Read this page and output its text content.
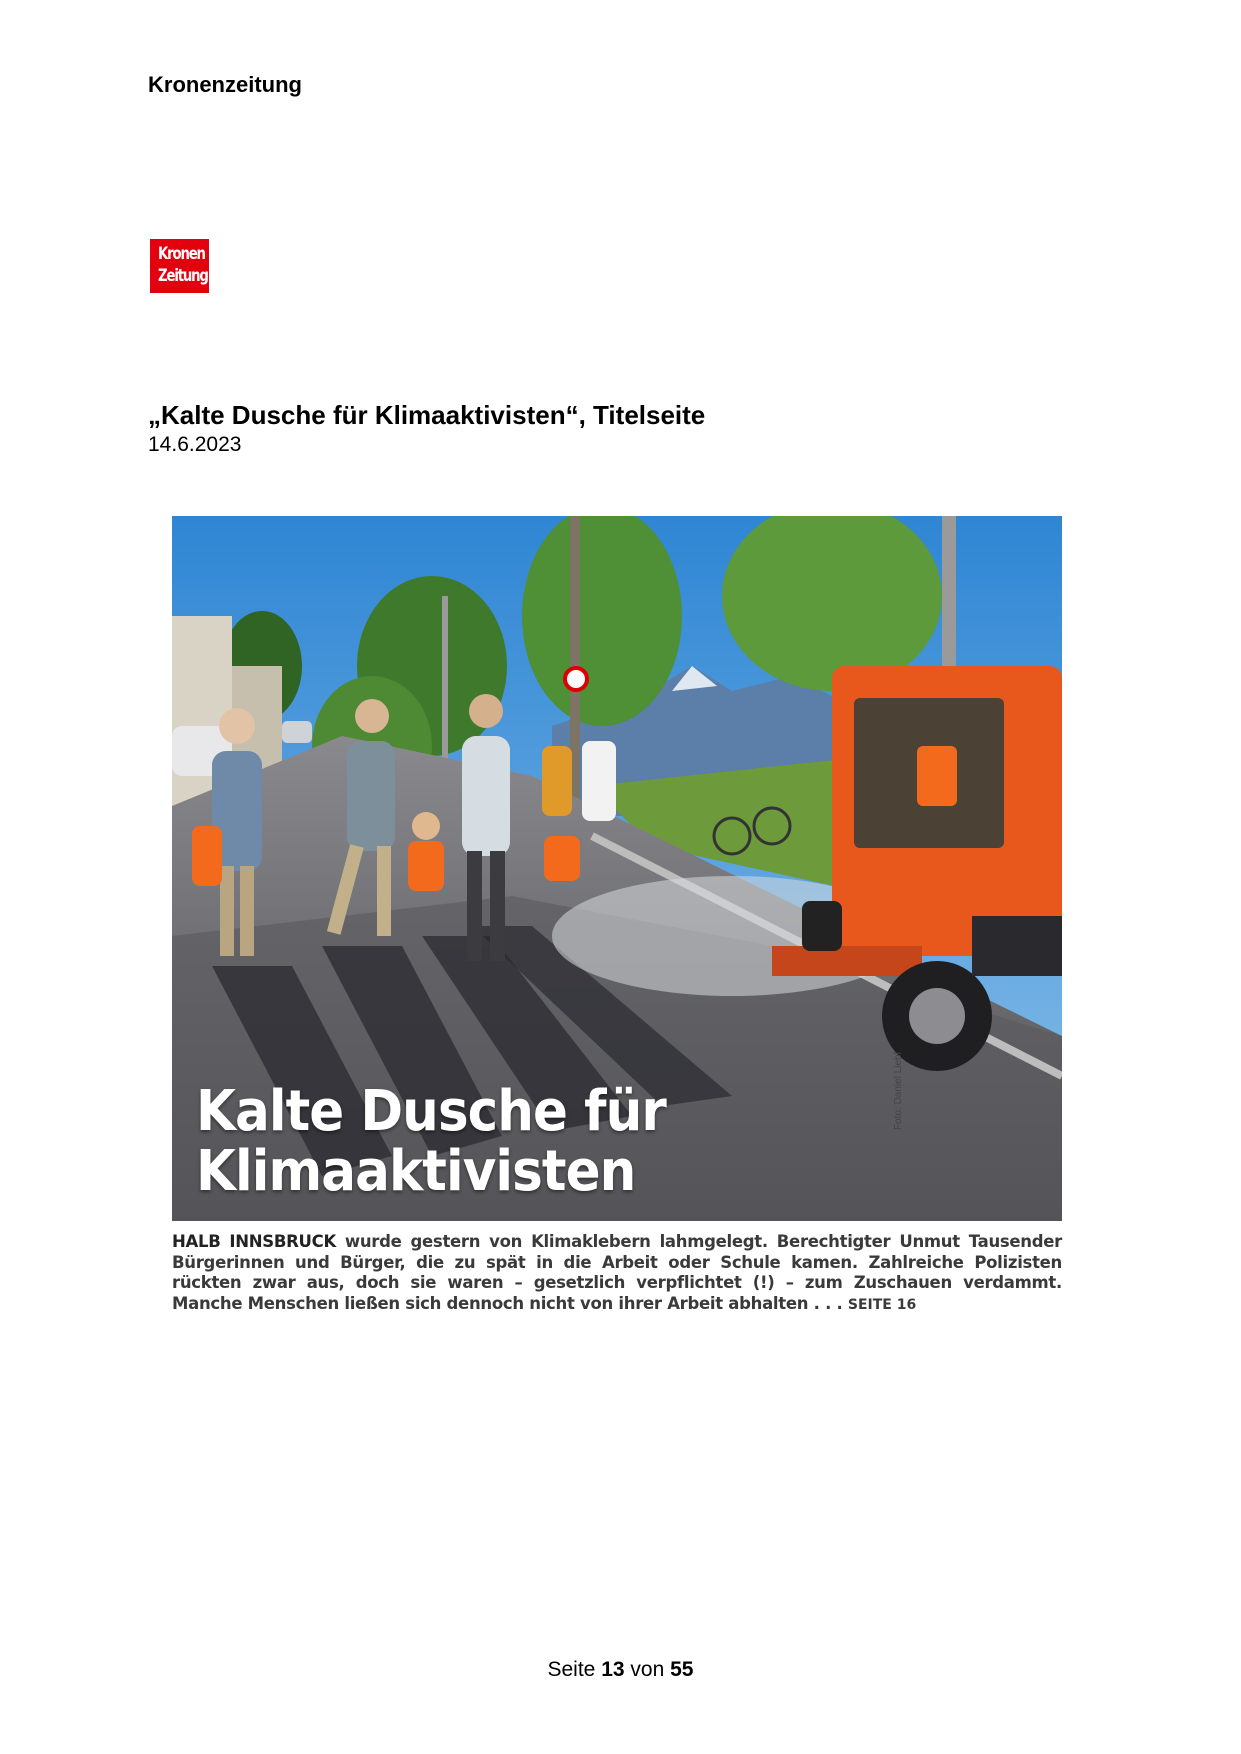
Kronenzeitung
Kronen
Zeitung
„Kalte Dusche für Klimaaktivisten“, Titelseite
14.6.2023
Kalte Dusche für
Klimaaktivisten
HALB INNSBRUCK wurde gestern von Klimaklebern lahmgelegt. Berechtigter Unmut Tausender Bürgerinnen und Bürger, die zu spät in die Arbeit oder Schule kamen. Zahlreiche Polizisten rückten zwar aus, doch sie waren – gesetzlich verpflichtet (!) – zum Zuschauen verdammt. Manche Menschen ließen sich dennoch nicht von ihrer Arbeit abhalten . . . SEITE 16
Foto: Daniel Liebl
Seite 13 von 55
